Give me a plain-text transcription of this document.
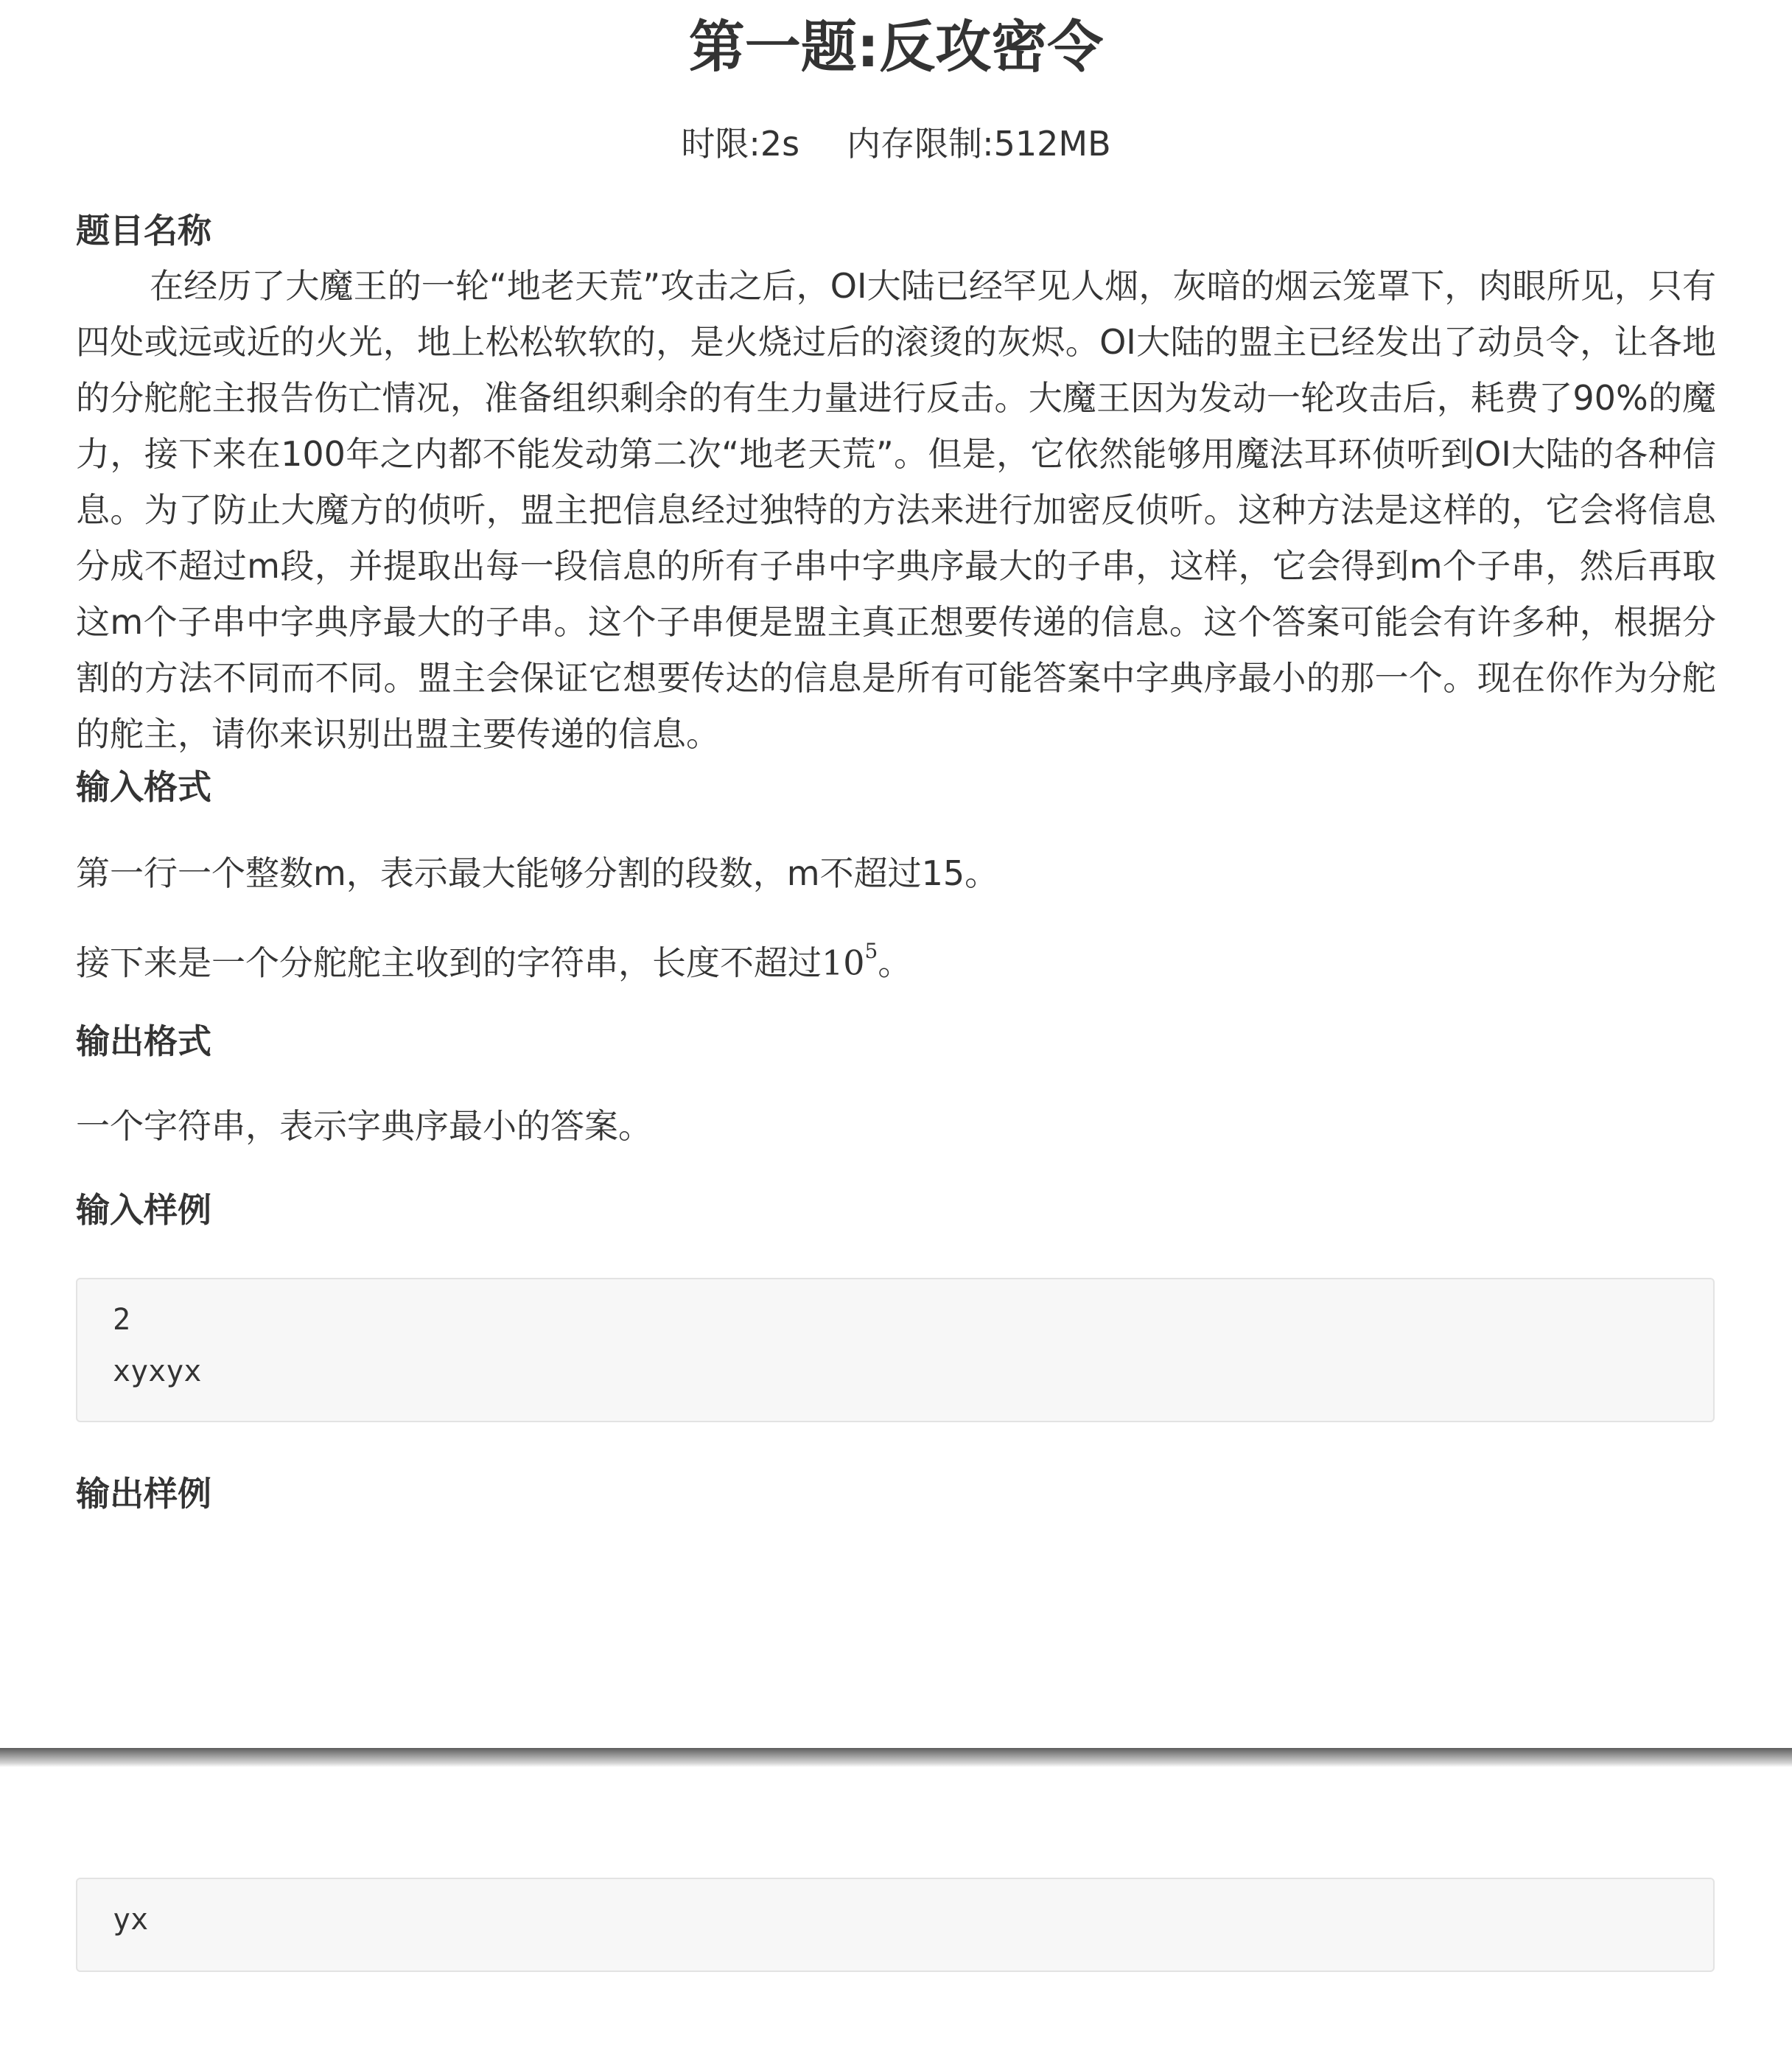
第一题:反攻密令
时限:2s 内存限制:512MB
题目名称
在经历了大魔王的一轮“地老天荒”攻击之后，OI大陆已经罕见人烟，灰暗的烟云笼罩下，肉眼所见，只有四处或远或近的火光，地上松松软软的，是火烧过后的滚烫的灰烬。OI大陆的盟主已经发出了动员令，让各地的分舵舵主报告伤亡情况，准备组织剩余的有生力量进行反击。大魔王因为发动一轮攻击后，耗费了90%的魔力，接下来在100年之内都不能发动第二次“地老天荒”。但是，它依然能够用魔法耳环侦听到OI大陆的各种信息。为了防止大魔方的侦听，盟主把信息经过独特的方法来进行加密反侦听。这种方法是这样的，它会将信息分成不超过m段，并提取出每一段信息的所有子串中字典序最大的子串，这样，它会得到m个子串，然后再取这m个子串中字典序最大的子串。这个子串便是盟主真正想要传递的信息。这个答案可能会有许多种，根据分割的方法不同而不同。盟主会保证它想要传达的信息是所有可能答案中字典序最小的那一个。现在你作为分舵的舵主，请你来识别出盟主要传递的信息。
输入格式
第一行一个整数m，表示最大能够分割的段数，m不超过15。
接下来是一个分舵舵主收到的字符串，长度不超过$10^5$。
输出格式
一个字符串，表示字典序最小的答案。
输入样例
2
xyxyx
输出样例
yx
